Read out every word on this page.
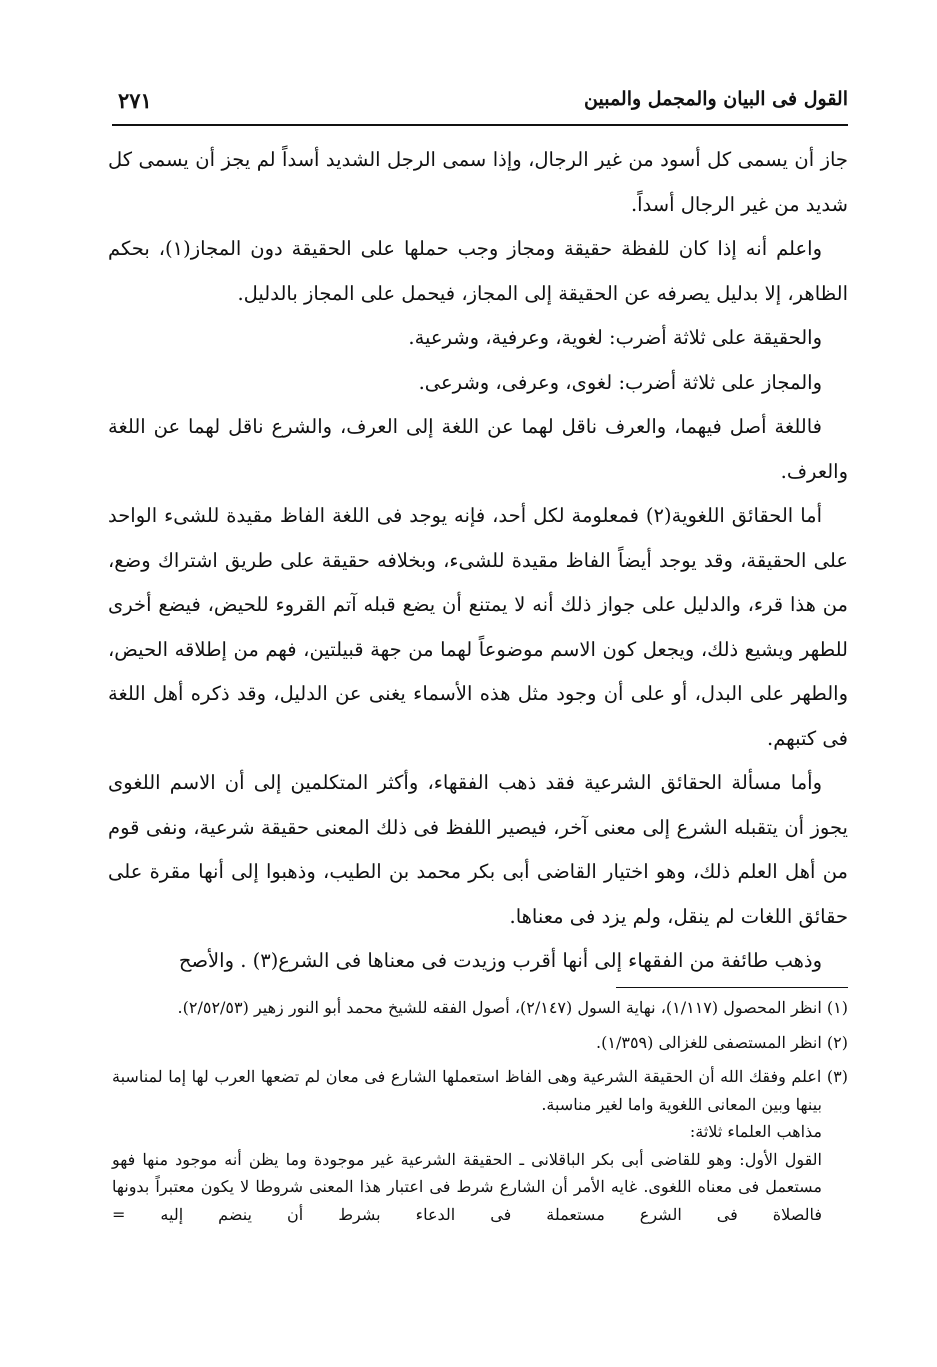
القول فى البيان والمجمل والمبين
٢٧١

جاز أن يسمى كل أسود من غير الرجال، وإذا سمى الرجل الشديد أسداً لم يجز أن يسمى كل شديد من غير الرجال أسداً.

واعلم أنه إذا كان للفظة حقيقة ومجاز وجب حملها على الحقيقة دون المجاز(١)، بحكم الظاهر، إلا بدليل يصرفه عن الحقيقة إلى المجاز، فيحمل على المجاز بالدليل.

والحقيقة على ثلاثة أضرب: لغوية، وعرفية، وشرعية.

والمجاز على ثلاثة أضرب: لغوى، وعرفى، وشرعى.

فاللغة أصل فيهما، والعرف ناقل لهما عن اللغة إلى العرف، والشرع ناقل لهما عن اللغة والعرف.

أما الحقائق اللغوية(٢) فمعلومة لكل أحد، فإنه يوجد فى اللغة الفاظ مقيدة للشىء الواحد على الحقيقة، وقد يوجد أيضاً الفاظ مقيدة للشىء، وبخلافه حقيقة على طريق اشتراك وضع، من هذا قرء، والدليل على جواز ذلك أنه لا يمتنع أن يضع قبله آتم القروء للحيض، فيضع أخرى للطهر ويشيع ذلك، ويجعل كون الاسم موضوعاً لهما من جهة قبيلتين، فهم من إطلاقه الحيض، والطهر على البدل، أو على أن وجود مثل هذه الأسماء يغنى عن الدليل، وقد ذكره أهل اللغة فى كتبهم.

وأما مسألة الحقائق الشرعية فقد ذهب الفقهاء، وأكثر المتكلمين إلى أن الاسم اللغوى يجوز أن يتقبله الشرع إلى معنى آخر، فيصير اللفظ فى ذلك المعنى حقيقة شرعية، ونفى قوم من أهل العلم ذلك، وهو اختيار القاضى أبى بكر محمد بن الطيب، وذهبوا إلى أنها مقرة على حقائق اللغات لم ينقل، ولم يزد فى معناها.

وذهب طائفة من الفقهاء إلى أنها أقرب وزيدت فى معناها فى الشرع(٣) . والأصح

(١) انظر المحصول (١/١١٧)، نهاية السول (٢/١٤٧)، أصول الفقه للشيخ محمد أبو النور زهير (٢/٥٢/٥٣).

(٢) انظر المستصفى للغزالى (١/٣٥٩).

(٣) اعلم وفقك الله أن الحقيقة الشرعية وهى الفاظ استعملها الشارع فى معان لم تضعها العرب لها إما لمناسبة بينها وبين المعانى اللغوية واما لغير مناسبة.

مذاهب العلماء ثلاثة:

القول الأول: وهو للقاضى أبى بكر الباقلانى ـ الحقيقة الشرعية غير موجودة وما يظن أنه موجود منها فهو مستعمل فى معناه اللغوى. غايه الأمر أن الشارع شرط فى اعتبار هذا المعنى شروطا لا يكون معتبراً بدونها فالصلاة فى الشرع مستعملة فى الدعاء بشرط أن ينضم إليه =
